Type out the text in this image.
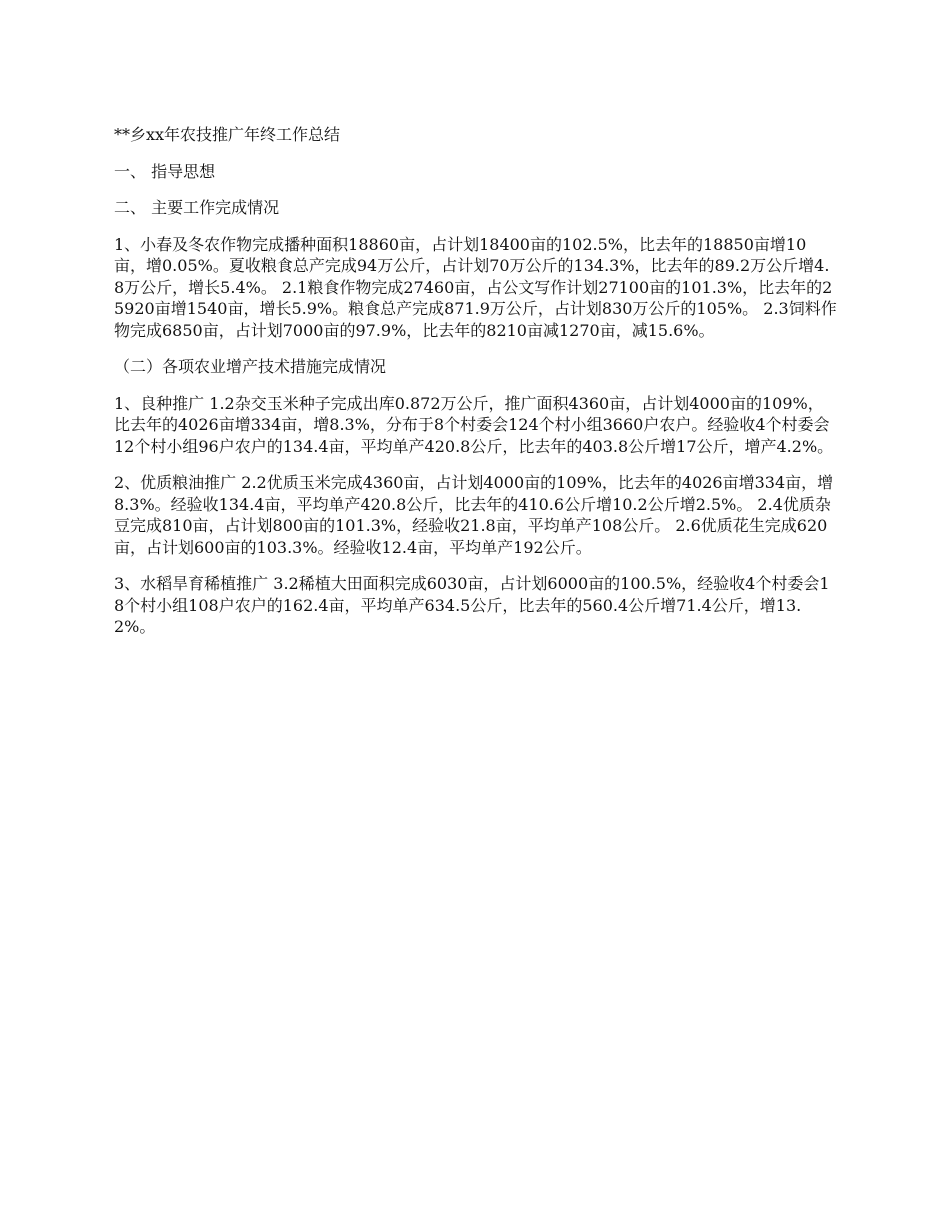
**乡xx年农技推广年终工作总结

一、 指导思想

二、 主要工作完成情况

1、小春及冬农作物完成播种面积18860亩，占计划18400亩的102.5%，比去年的18850亩增10亩，增0.05%。夏收粮食总产完成94万公斤，占计划70万公斤的134.3%，比去年的89.2万公斤增4.8万公斤，增长5.4%。 2.1粮食作物完成27460亩，占公文写作计划27100亩的101.3%，比去年的25920亩增1540亩，增长5.9%。粮食总产完成871.9万公斤，占计划830万公斤的105%。 2.3饲料作物完成6850亩，占计划7000亩的97.9%，比去年的8210亩减1270亩，减15.6%。

（二）各项农业增产技术措施完成情况

1、良种推广 1.2杂交玉米种子完成出库0.872万公斤，推广面积4360亩，占计划4000亩的109%，比去年的4026亩增334亩，增8.3%，分布于8个村委会124个村小组3660户农户。经验收4个村委会12个村小组96户农户的134.4亩，平均单产420.8公斤，比去年的403.8公斤增17公斤，增产4.2%。

2、优质粮油推广 2.2优质玉米完成4360亩，占计划4000亩的109%，比去年的4026亩增334亩，增8.3%。经验收134.4亩，平均单产420.8公斤，比去年的410.6公斤增10.2公斤增2.5%。 2.4优质杂豆完成810亩，占计划800亩的101.3%，经验收21.8亩，平均单产108公斤。 2.6优质花生完成620亩，占计划600亩的103.3%。经验收12.4亩，平均单产192公斤。

3、水稻旱育稀植推广 3.2稀植大田面积完成6030亩，占计划6000亩的100.5%，经验收4个村委会18个村小组108户农户的162.4亩，平均单产634.5公斤，比去年的560.4公斤增71.4公斤，增13.2%。
